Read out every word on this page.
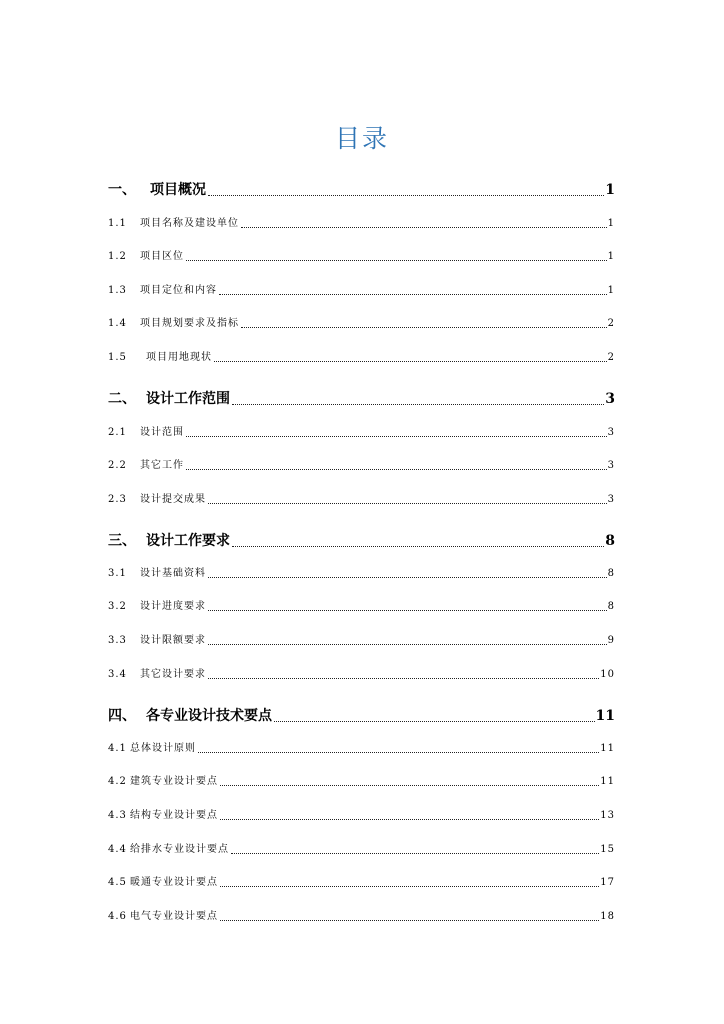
目录
一、	项目概况	1
1.1	项目名称及建设单位	1
1.2	项目区位	1
1.3	项目定位和内容	1
1.4	项目规划要求及指标	2
1.5	项目用地现状	2
二、 设计工作范围	3
2.1	设计范围	3
2.2	其它工作	3
2.3	设计提交成果	3
三、 设计工作要求	8
3.1	设计基础资料	8
3.2	设计进度要求	8
3.3	设计限额要求	9
3.4	其它设计要求	10
四、 各专业设计技术要点	11
4.1 总体设计原则	11
4.2 建筑专业设计要点	11
4.3 结构专业设计要点	13
4.4 给排水专业设计要点	15
4.5 暖通专业设计要点	17
4.6 电气专业设计要点	18
